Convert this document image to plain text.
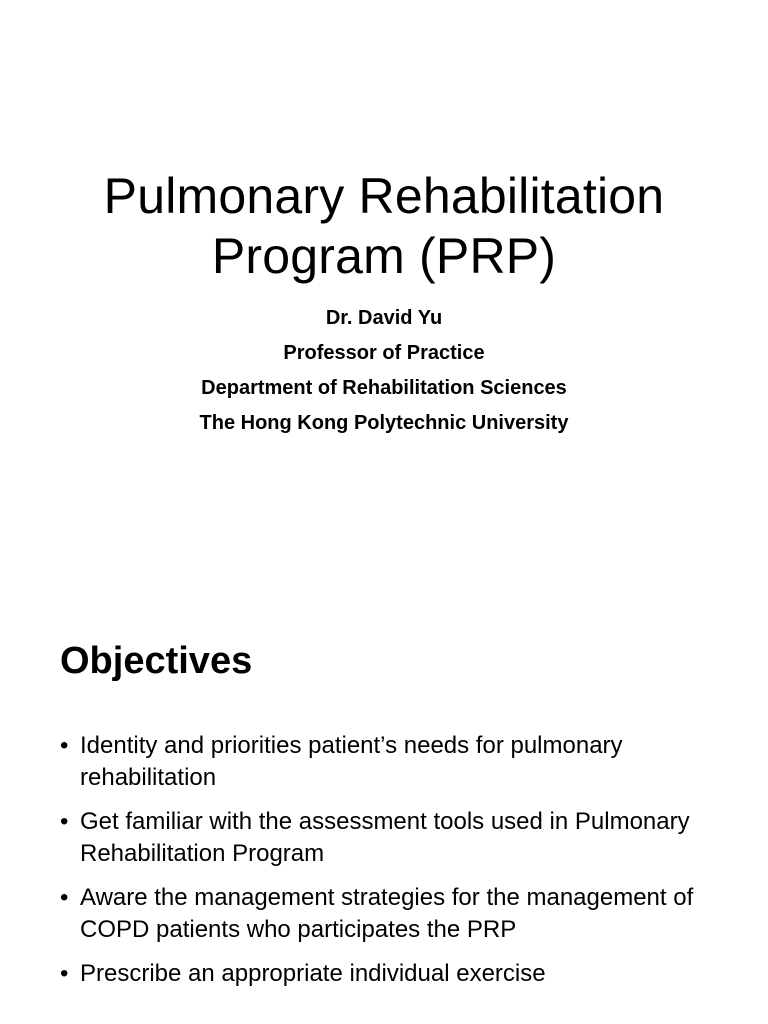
Pulmonary Rehabilitation
Program (PRP)
Dr. David Yu
Professor of Practice
Department of Rehabilitation Sciences
The Hong Kong Polytechnic University
Objectives
• Identity and priorities patient’s needs for pulmonary rehabilitation
• Get familiar with the assessment tools used in Pulmonary Rehabilitation Program
• Aware the management strategies for the management of COPD patients who participates the PRP
• Prescribe an appropriate individual exercise
